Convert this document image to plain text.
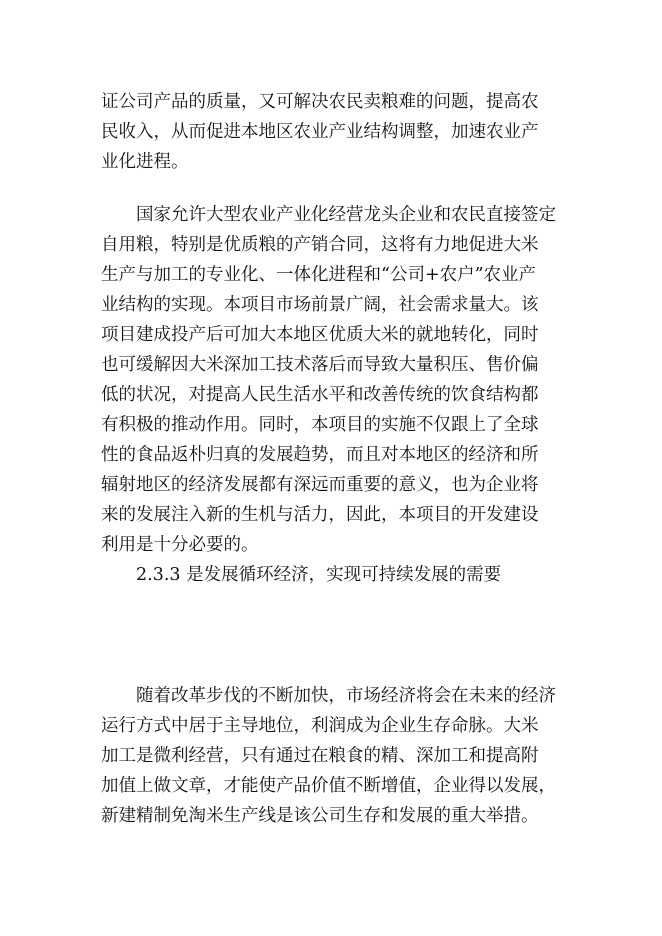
证公司产品的质量，又可解决农民卖粮难的问题，提高农
民收入，从而促进本地区农业产业结构调整，加速农业产
业化进程。
　　国家允许大型农业产业化经营龙头企业和农民直接签定
自用粮，特别是优质粮的产销合同，这将有力地促进大米
生产与加工的专业化、一体化进程和“公司+农户”农业产
业结构的实现。本项目市场前景广阔，社会需求量大。该
项目建成投产后可加大本地区优质大米的就地转化，同时
也可缓解因大米深加工技术落后而导致大量积压、售价偏
低的状况，对提高人民生活水平和改善传统的饮食结构都
有积极的推动作用。同时，本项目的实施不仅跟上了全球
性的食品返朴归真的发展趋势，而且对本地区的经济和所
辐射地区的经济发展都有深远而重要的意义，也为企业将
来的发展注入新的生机与活力，因此，本项目的开发建设
利用是十分必要的。
　　2.3.3 是发展循环经济，实现可持续发展的需要
　　随着改革步伐的不断加快，市场经济将会在未来的经济
运行方式中居于主导地位，利润成为企业生存命脉。大米
加工是微利经营，只有通过在粮食的精、深加工和提高附
加值上做文章，才能使产品价值不断增值，企业得以发展，
新建精制免淘米生产线是该公司生存和发展的重大举措。
